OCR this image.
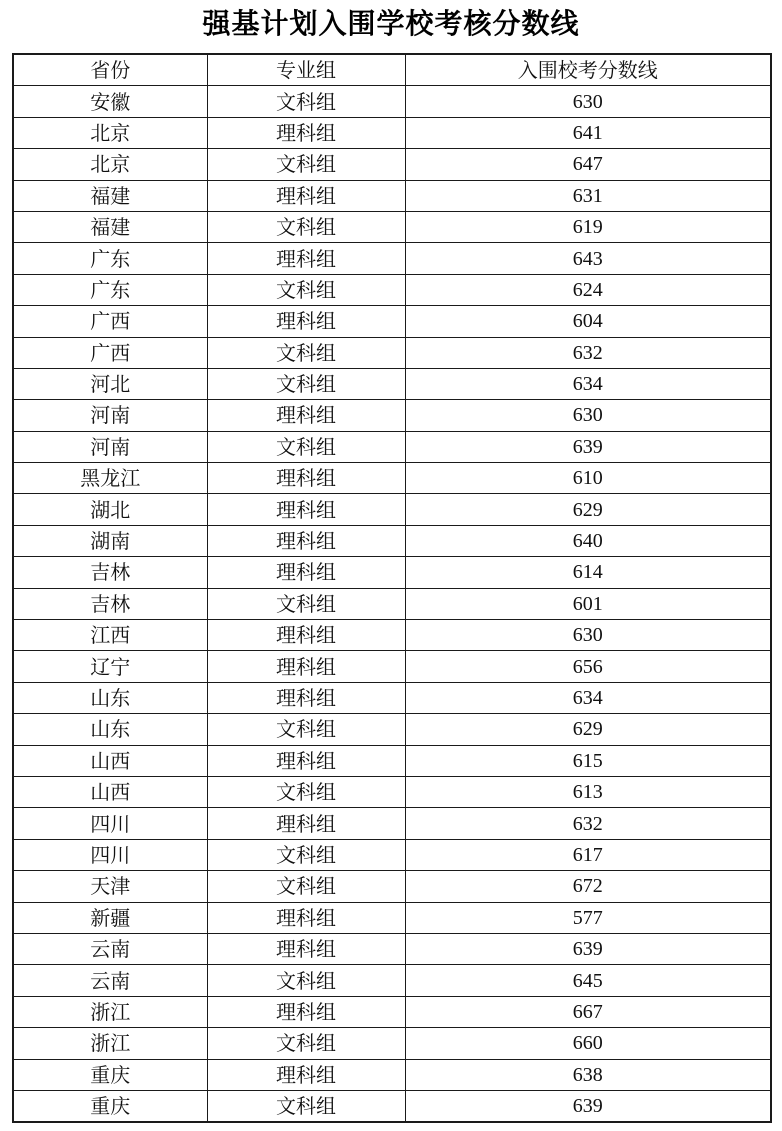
强基计划入围学校考核分数线
省份	专业组	入围校考分数线
安徽	文科组	630
北京	理科组	641
北京	文科组	647
福建	理科组	631
福建	文科组	619
广东	理科组	643
广东	文科组	624
广西	理科组	604
广西	文科组	632
河北	文科组	634
河南	理科组	630
河南	文科组	639
黑龙江	理科组	610
湖北	理科组	629
湖南	理科组	640
吉林	理科组	614
吉林	文科组	601
江西	理科组	630
辽宁	理科组	656
山东	理科组	634
山东	文科组	629
山西	理科组	615
山西	文科组	613
四川	理科组	632
四川	文科组	617
天津	文科组	672
新疆	理科组	577
云南	理科组	639
云南	文科组	645
浙江	理科组	667
浙江	文科组	660
重庆	理科组	638
重庆	文科组	639
